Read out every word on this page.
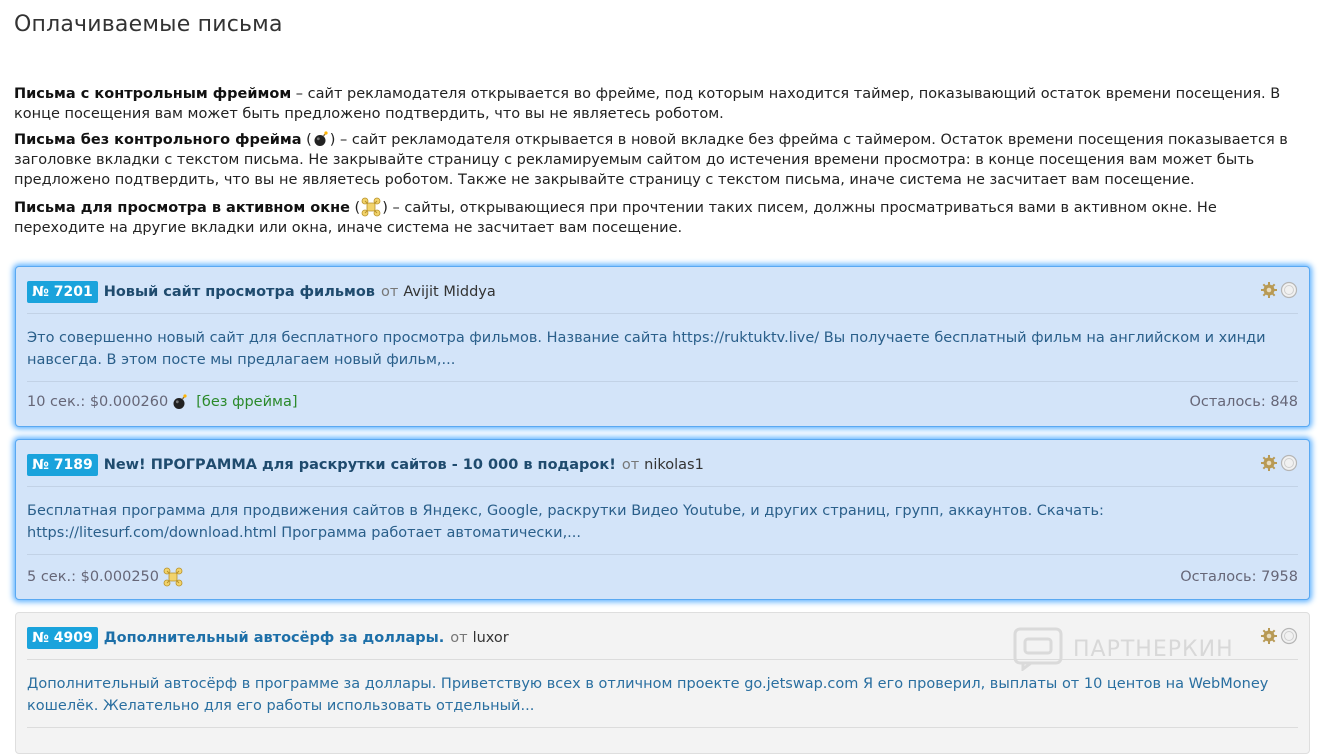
Оплачиваемые письма

Письма с контрольным фреймом – сайт рекламодателя открывается во фрейме, под которым находится таймер, показывающий остаток времени посещения. В конце посещения вам может быть предложено подтвердить, что вы не являетесь роботом.

Письма без контрольного фрейма ( ) – сайт рекламодателя открывается в новой вкладке без фрейма с таймером. Остаток времени посещения показывается в заголовке вкладки с текстом письма. Не закрывайте страницу с рекламируемым сайтом до истечения времени просмотра: в конце посещения вам может быть предложено подтвердить, что вы не являетесь роботом. Также не закрывайте страницу с текстом письма, иначе система не засчитает вам посещение.

Письма для просмотра в активном окне ( ) – сайты, открывающиеся при прочтении таких писем, должны просматриваться вами в активном окне. Не переходите на другие вкладки или окна, иначе система не засчитает вам посещение.

№ 7201 Новый сайт просмотра фильмов от Avijit Middya
Это совершенно новый сайт для бесплатного просмотра фильмов. Название сайта https://ruktuktv.live/ Вы получаете бесплатный фильм на английском и хинди
навсегда. В этом посте мы предлагаем новый фильм,...
10 сек.: $0.000260 [без фрейма]	Осталось: 848
№ 7189 New! ПРОГРАММА для раскрутки сайтов - 10 000 в подарок! от nikolas1
Бесплатная программа для продвижения сайтов в Яндекс, Google, раскрутки Видео Youtube, и других страниц, групп, аккаунтов. Скачать:
https://litesurf.com/download.html Программа работает автоматически,...
5 сек.: $0.000250	Осталось: 7958
№ 4909 Дополнительный автосёрф за доллары. от luxor
Дополнительный автосёрф в программе за доллары. Приветствую всех в отличном проекте go.jetswap.com Я его проверил, выплаты от 10 центов на WebMoney
кошелёк. Желательно для его работы использовать отдельный...
ПАРТНЕРКИН
